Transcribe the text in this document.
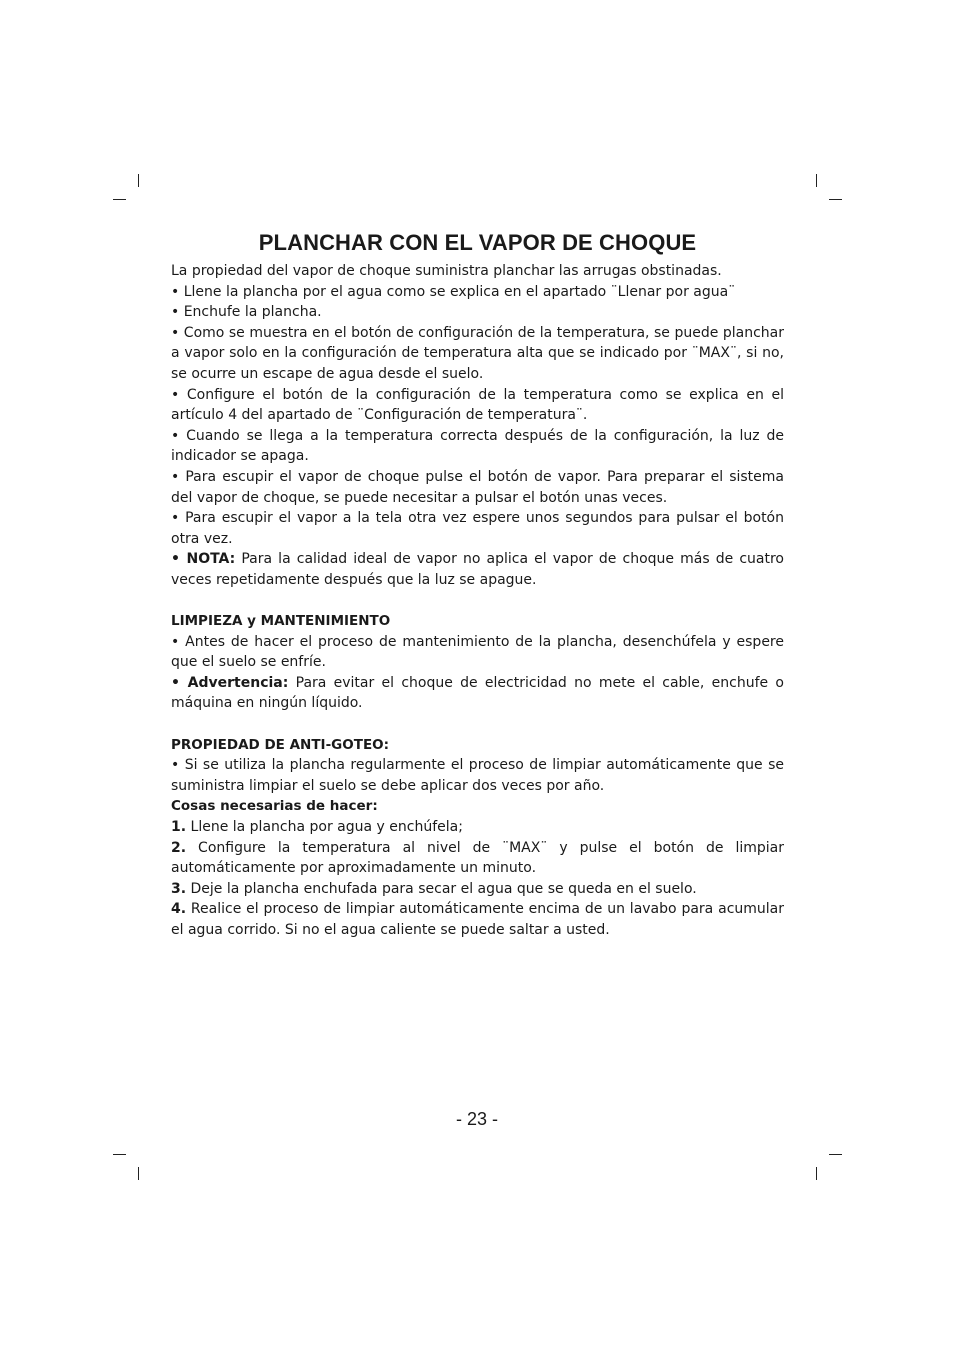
PLANCHAR CON EL VAPOR DE CHOQUE

La propiedad del vapor de choque suministra planchar las arrugas obstinadas.

• Llene la plancha por el agua como se explica en el apartado ¨Llenar por agua¨

• Enchufe la plancha.

• Como se muestra en el botón de configuración de la temperatura, se puede planchar a vapor solo en la configuración de temperatura alta que se indicado por ¨MAX¨, si no, se ocurre un escape de agua desde el suelo.

• Configure el botón de la configuración de la temperatura como se explica en el artículo 4 del apartado de ¨Configuración de temperatura¨.

• Cuando se llega a la temperatura correcta después de la configuración, la luz de indicador se apaga.

• Para escupir el vapor de choque pulse el botón de vapor. Para preparar el sistema del vapor de choque, se puede necesitar a pulsar el botón unas veces.

• Para escupir el vapor a la tela otra vez espere unos segundos para pulsar el botón otra vez.

• NOTA: Para la calidad ideal de vapor no aplica el vapor de choque más de cuatro veces repetidamente después que la luz se apague.

LIMPIEZA y MANTENIMIENTO

• Antes de hacer el proceso de mantenimiento de la plancha, desenchúfela y espere que el suelo se enfríe.

• Advertencia: Para evitar el choque de electricidad no mete el cable, enchufe o máquina en ningún líquido.

PROPIEDAD DE ANTI-GOTEO:

• Si se utiliza la plancha regularmente el proceso de limpiar automáticamente que se suministra limpiar el suelo se debe aplicar dos veces por año.

Cosas necesarias de hacer:

1. Llene la plancha por agua y enchúfela;

2. Configure la temperatura al nivel de ¨MAX¨ y pulse el botón de limpiar automáticamente por aproximadamente un minuto.

3. Deje la plancha enchufada para secar el agua que se queda en el suelo.

4. Realice el proceso de limpiar automáticamente encima de un lavabo para acumular el agua corrido. Si no el agua caliente se puede saltar a usted.

- 23 -
